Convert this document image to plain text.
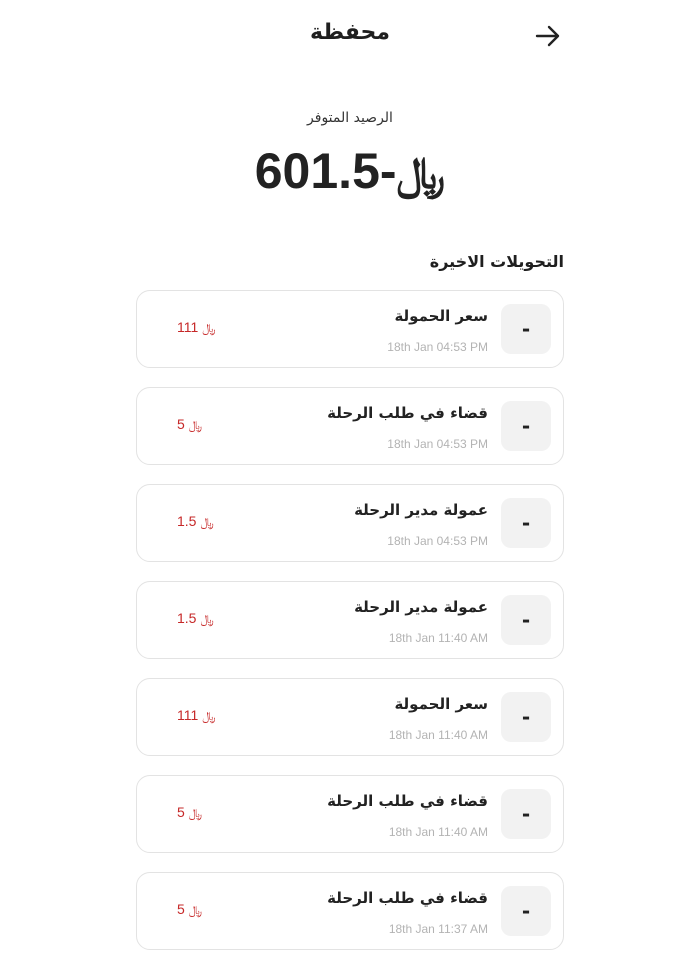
محفظة
الرصيد المتوفر
601.5-﷼
التحويلات الاخيرة
-
سعر الحمولة
18th Jan 04:53 PM
111 ﷼
-
قضاء في طلب الرحلة
18th Jan 04:53 PM
5 ﷼
-
عمولة مدير الرحلة
18th Jan 04:53 PM
1.5 ﷼
-
عمولة مدير الرحلة
18th Jan 11:40 AM
1.5 ﷼
-
سعر الحمولة
18th Jan 11:40 AM
111 ﷼
-
قضاء في طلب الرحلة
18th Jan 11:40 AM
5 ﷼
-
قضاء في طلب الرحلة
18th Jan 11:37 AM
5 ﷼
